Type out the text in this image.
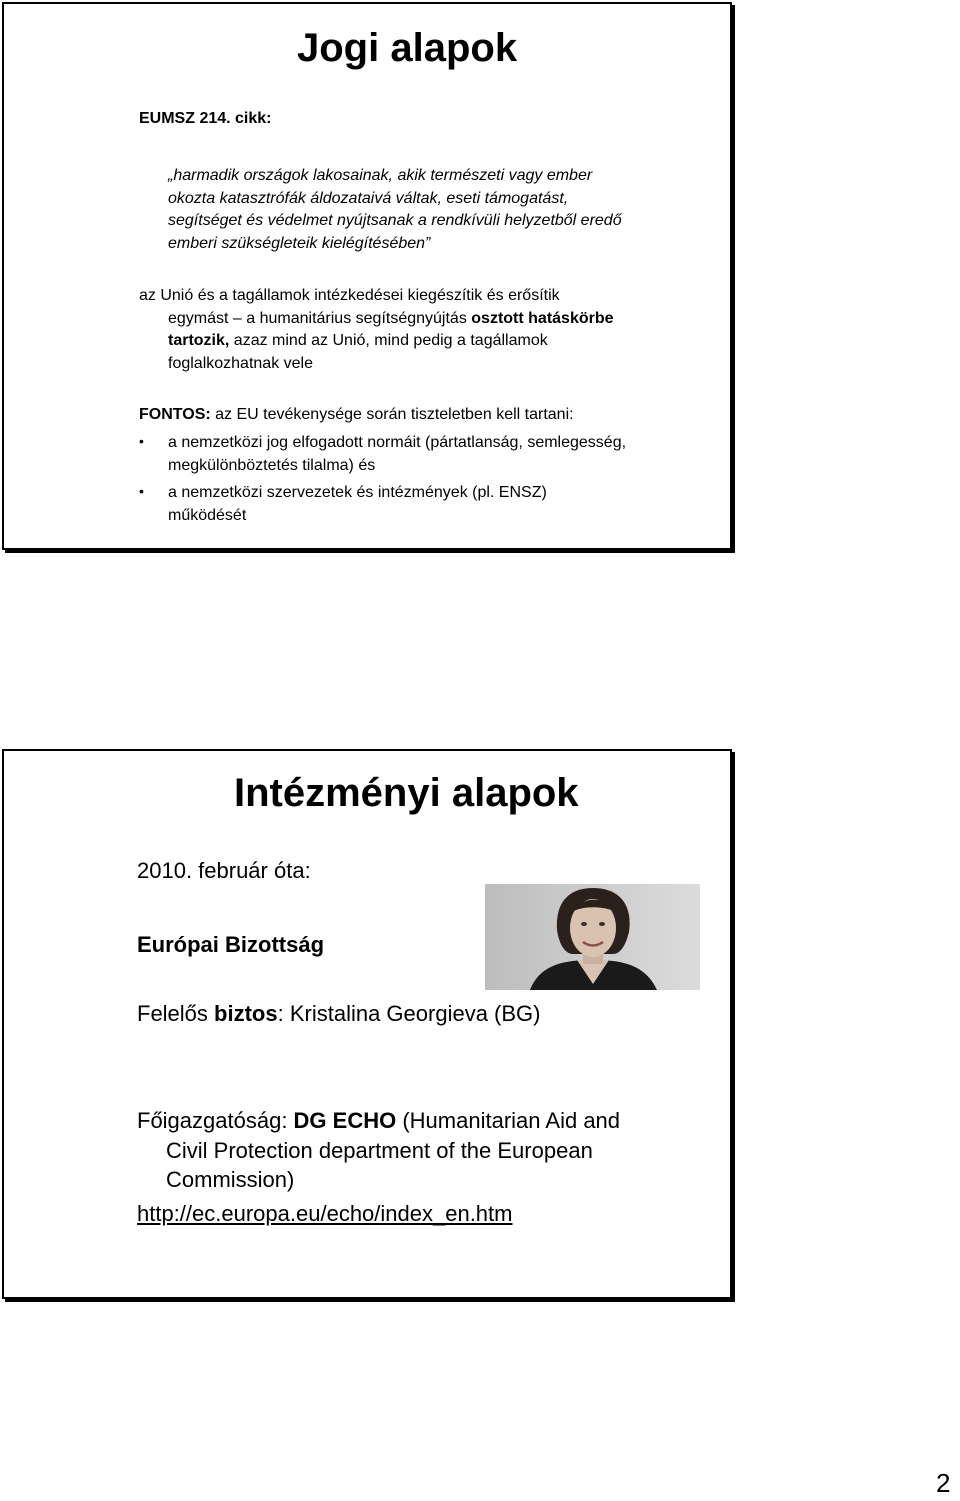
Jogi alapok
EUMSZ 214. cikk:
„harmadik országok lakosainak, akik természeti vagy ember
okozta katasztrófák áldozataivá váltak, eseti támogatást,
segítséget és védelmet nyújtsanak a rendkívüli helyzetből eredő
emberi szükségleteik kielégítésében”
az Unió és a tagállamok intézkedései kiegészítik és erősítik
egymást – a humanitárius segítségnyújtás osztott hatáskörbe
tartozik, azaz mind az Unió, mind pedig a tagállamok
foglalkozhatnak vele
FONTOS: az EU tevékenysége során tiszteletben kell tartani:
• a nemzetközi jog elfogadott normáit (pártatlanság, semlegesség,
megkülönböztetés tilalma) és
• a nemzetközi szervezetek és intézmények (pl. ENSZ)
működését
Intézményi alapok
2010. február óta:
Európai Bizottság
Felelős biztos: Kristalina Georgieva (BG)
Főigazgatóság: DG ECHO (Humanitarian Aid and
Civil Protection department of the European
Commission)
http://ec.europa.eu/echo/index_en.htm
2
